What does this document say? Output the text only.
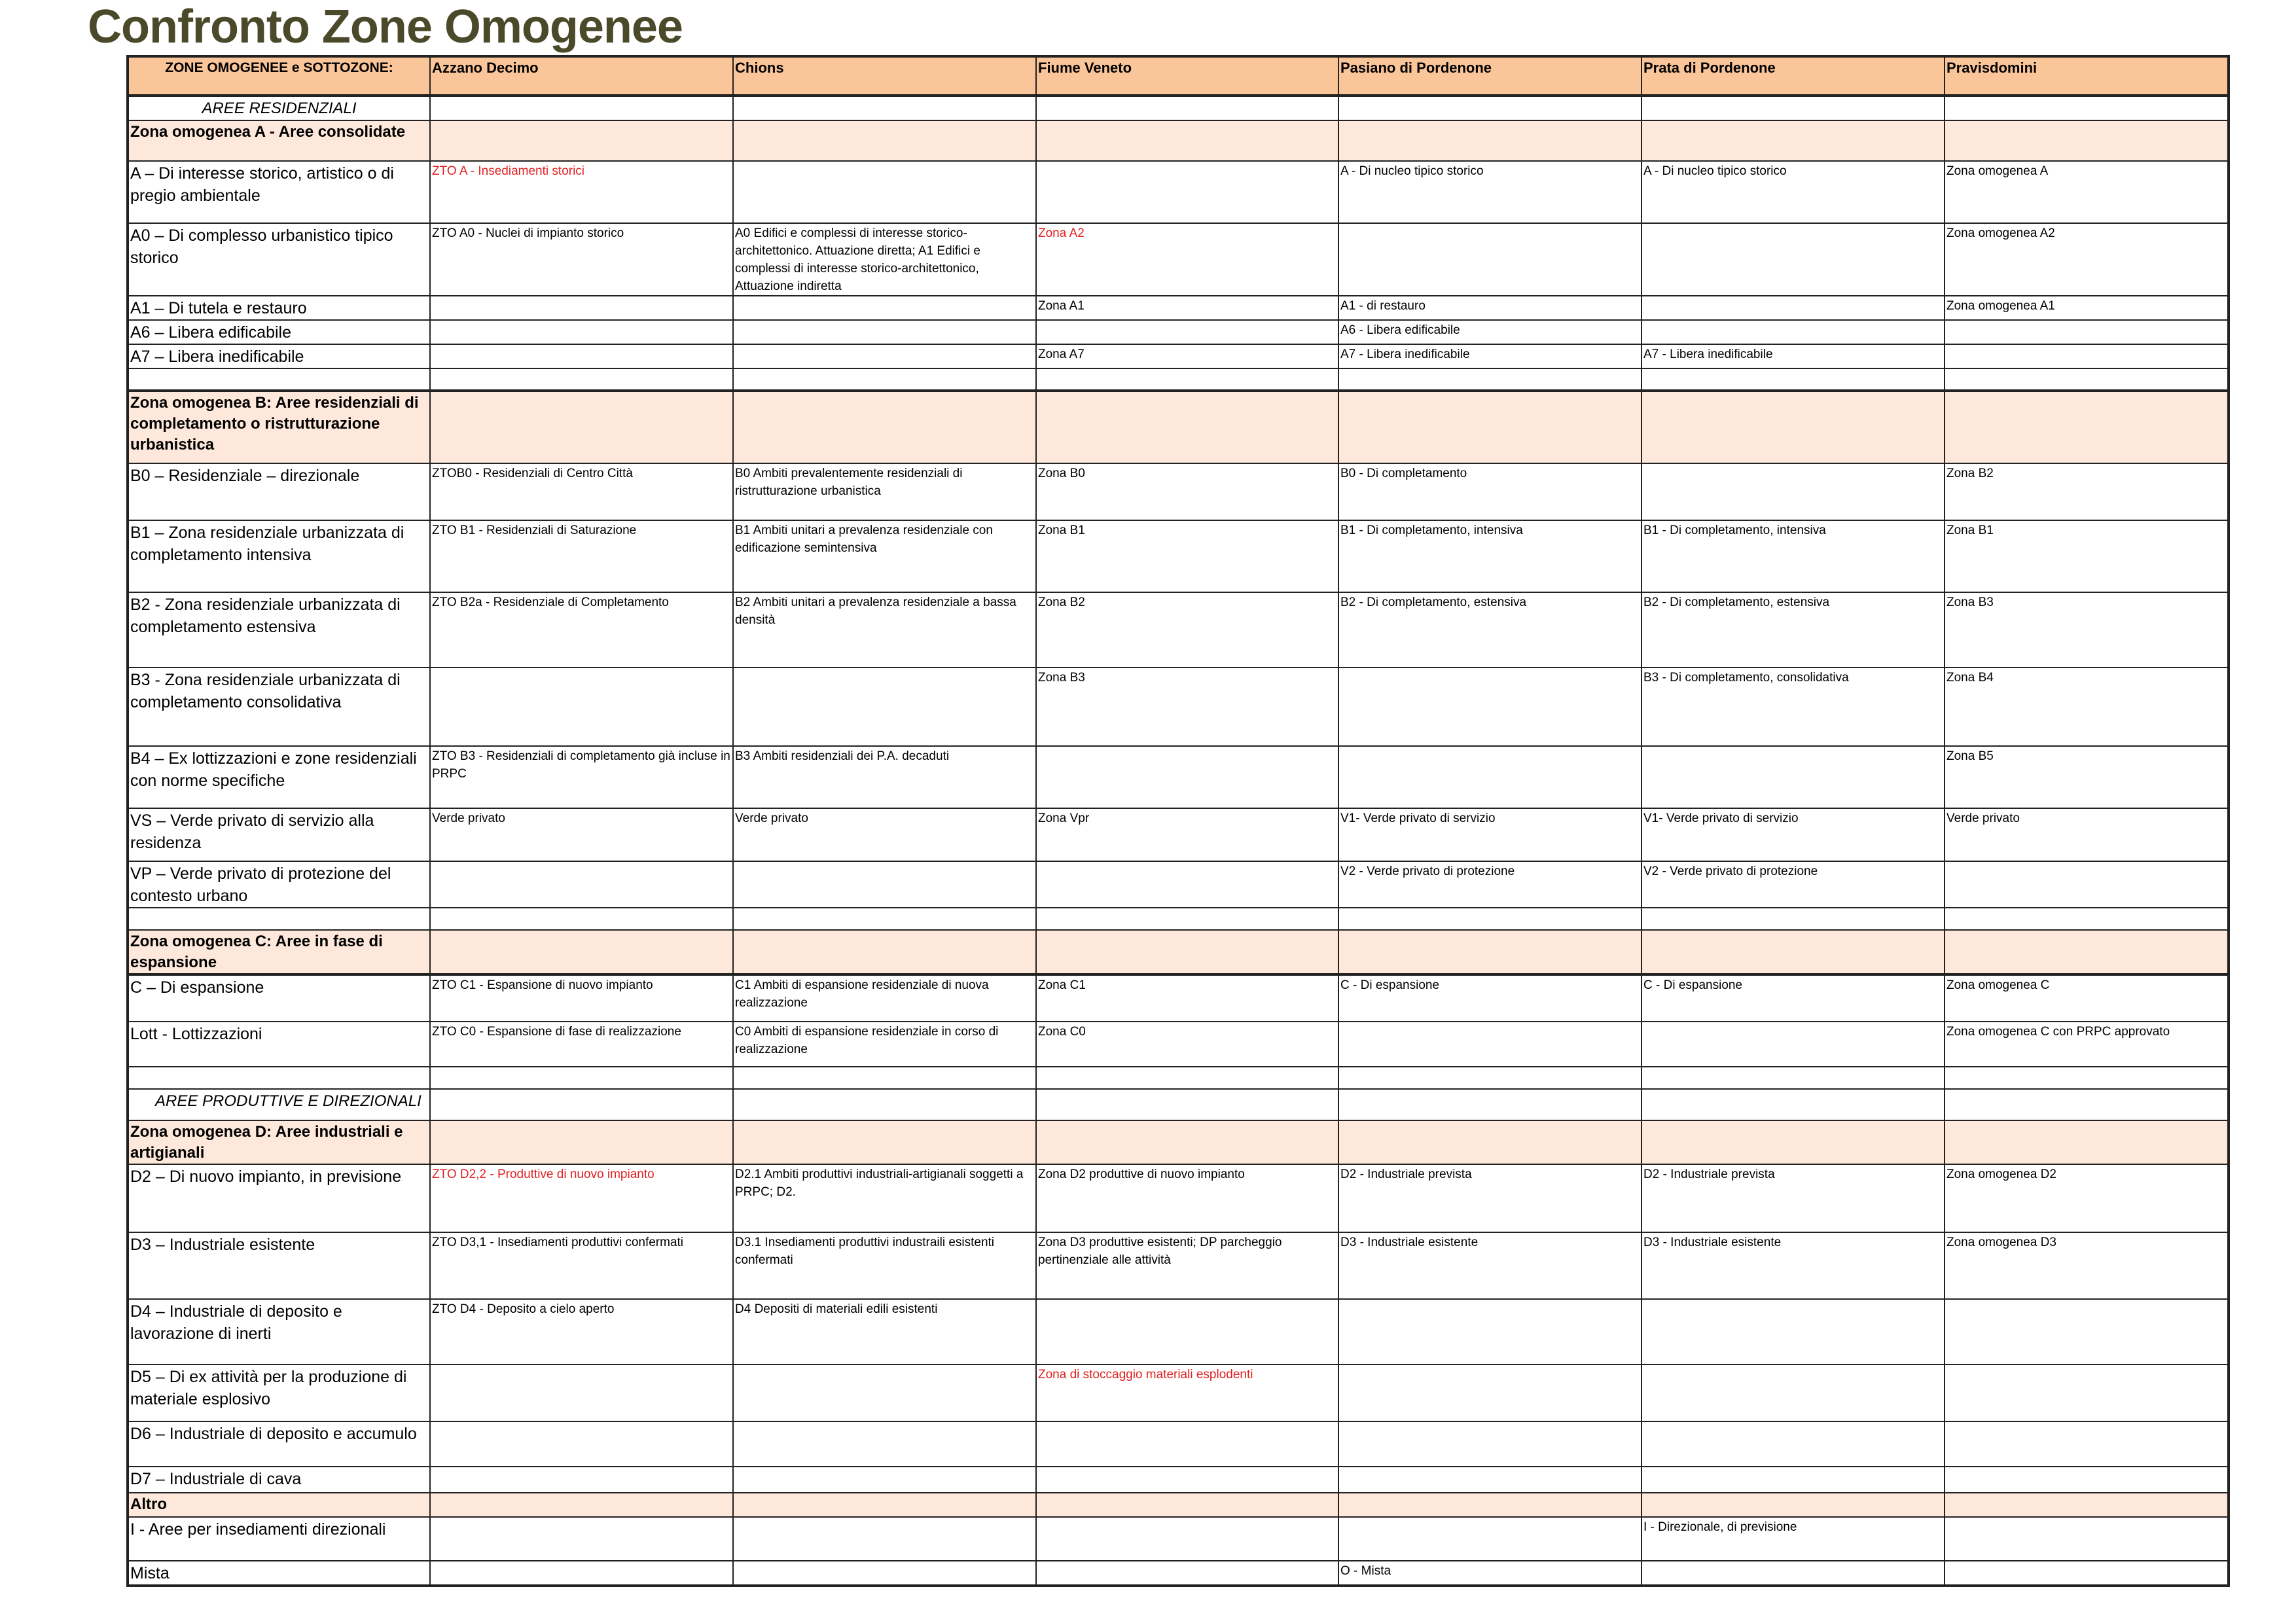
Confronto Zone Omogenee
ZONE OMOGENEE e SOTTOZONE:	Azzano Decimo	Chions	Fiume Veneto	Pasiano di Pordenone	Prata di Pordenone	Pravisdomini
AREE RESIDENZIALI						
Zona omogenea A - Aree consolidate						
A – Di interesse storico, artistico o di pregio ambientale	ZTO A - Insediamenti storici			A - Di nucleo tipico storico	A - Di nucleo tipico storico	Zona omogenea A
A0 – Di complesso urbanistico tipico storico	ZTO A0 - Nuclei di impianto storico	A0 Edifici e complessi di interesse storico-architettonico. Attuazione diretta; A1 Edifici e complessi di interesse storico-architettonico, Attuazione indiretta	Zona A2			Zona omogenea A2
A1 – Di tutela e restauro			Zona A1	A1 - di restauro		Zona omogenea A1
A6 – Libera edificabile				A6 - Libera edificabile		
A7 – Libera inedificabile			Zona A7	A7 - Libera inedificabile	A7 - Libera inedificabile	

Zona omogenea B: Aree residenziali di completamento o ristrutturazione urbanistica						
B0 – Residenziale – direzionale	ZTOB0 - Residenziali di Centro Città	B0 Ambiti prevalentemente residenziali di ristrutturazione urbanistica	Zona B0	B0 - Di completamento		Zona B2
B1 – Zona residenziale urbanizzata di completamento intensiva	ZTO B1 - Residenziali di Saturazione	B1 Ambiti unitari a prevalenza residenziale con edificazione semintensiva	Zona B1	B1 - Di completamento, intensiva	B1 - Di completamento, intensiva	Zona B1
B2 - Zona residenziale urbanizzata di completamento estensiva	ZTO B2a - Residenziale di Completamento	B2 Ambiti unitari a prevalenza residenziale a bassa densità	Zona B2	B2 - Di completamento, estensiva	B2 - Di completamento, estensiva	Zona B3
B3 - Zona residenziale urbanizzata di completamento consolidativa			Zona B3		B3 - Di completamento, consolidativa	Zona B4
B4 – Ex lottizzazioni e zone residenziali con norme specifiche	ZTO B3 - Residenziali di completamento già incluse in PRPC	B3 Ambiti residenziali dei P.A. decaduti				Zona B5
VS – Verde privato di servizio alla residenza	Verde privato	Verde privato	Zona Vpr	V1- Verde privato di servizio	V1- Verde privato di servizio	Verde privato
VP – Verde privato di protezione del contesto urbano				V2 - Verde privato di protezione	V2 - Verde privato di protezione	

Zona omogenea C: Aree in fase di espansione						
C – Di espansione	ZTO C1 - Espansione di nuovo impianto	C1 Ambiti di espansione residenziale di nuova realizzazione	Zona C1	C - Di espansione	C - Di espansione	Zona omogenea C
Lott - Lottizzazioni	ZTO C0 - Espansione di fase di realizzazione	C0 Ambiti di espansione residenziale in corso di realizzazione	Zona C0			Zona omogenea C con PRPC approvato

AREE PRODUTTIVE E DIREZIONALI						
Zona omogenea D: Aree industriali e artigianali						
D2 – Di nuovo impianto, in previsione	ZTO D2,2 - Produttive di nuovo impianto	D2.1 Ambiti produttivi industriali-artigianali soggetti a PRPC; D2.	Zona D2 produttive di nuovo impianto	D2 - Industriale prevista	D2 - Industriale prevista	Zona omogenea D2
D3 – Industriale esistente	ZTO D3,1 - Insediamenti produttivi confermati	D3.1 Insediamenti produttivi industraili esistenti confermati	Zona D3 produttive esistenti; DP parcheggio pertinenziale alle attività	D3 - Industriale esistente	D3 - Industriale esistente	Zona omogenea D3
D4 – Industriale di deposito e lavorazione di inerti	ZTO D4 - Deposito a cielo aperto	D4 Depositi di materiali edili esistenti				
D5 – Di ex attività per la produzione di materiale esplosivo			Zona di stoccaggio materiali esplodenti			
D6 – Industriale di deposito e accumulo						
D7 – Industriale di cava						
Altro						
I - Aree per insediamenti direzionali					I - Direzionale, di previsione	
Mista				O - Mista		
